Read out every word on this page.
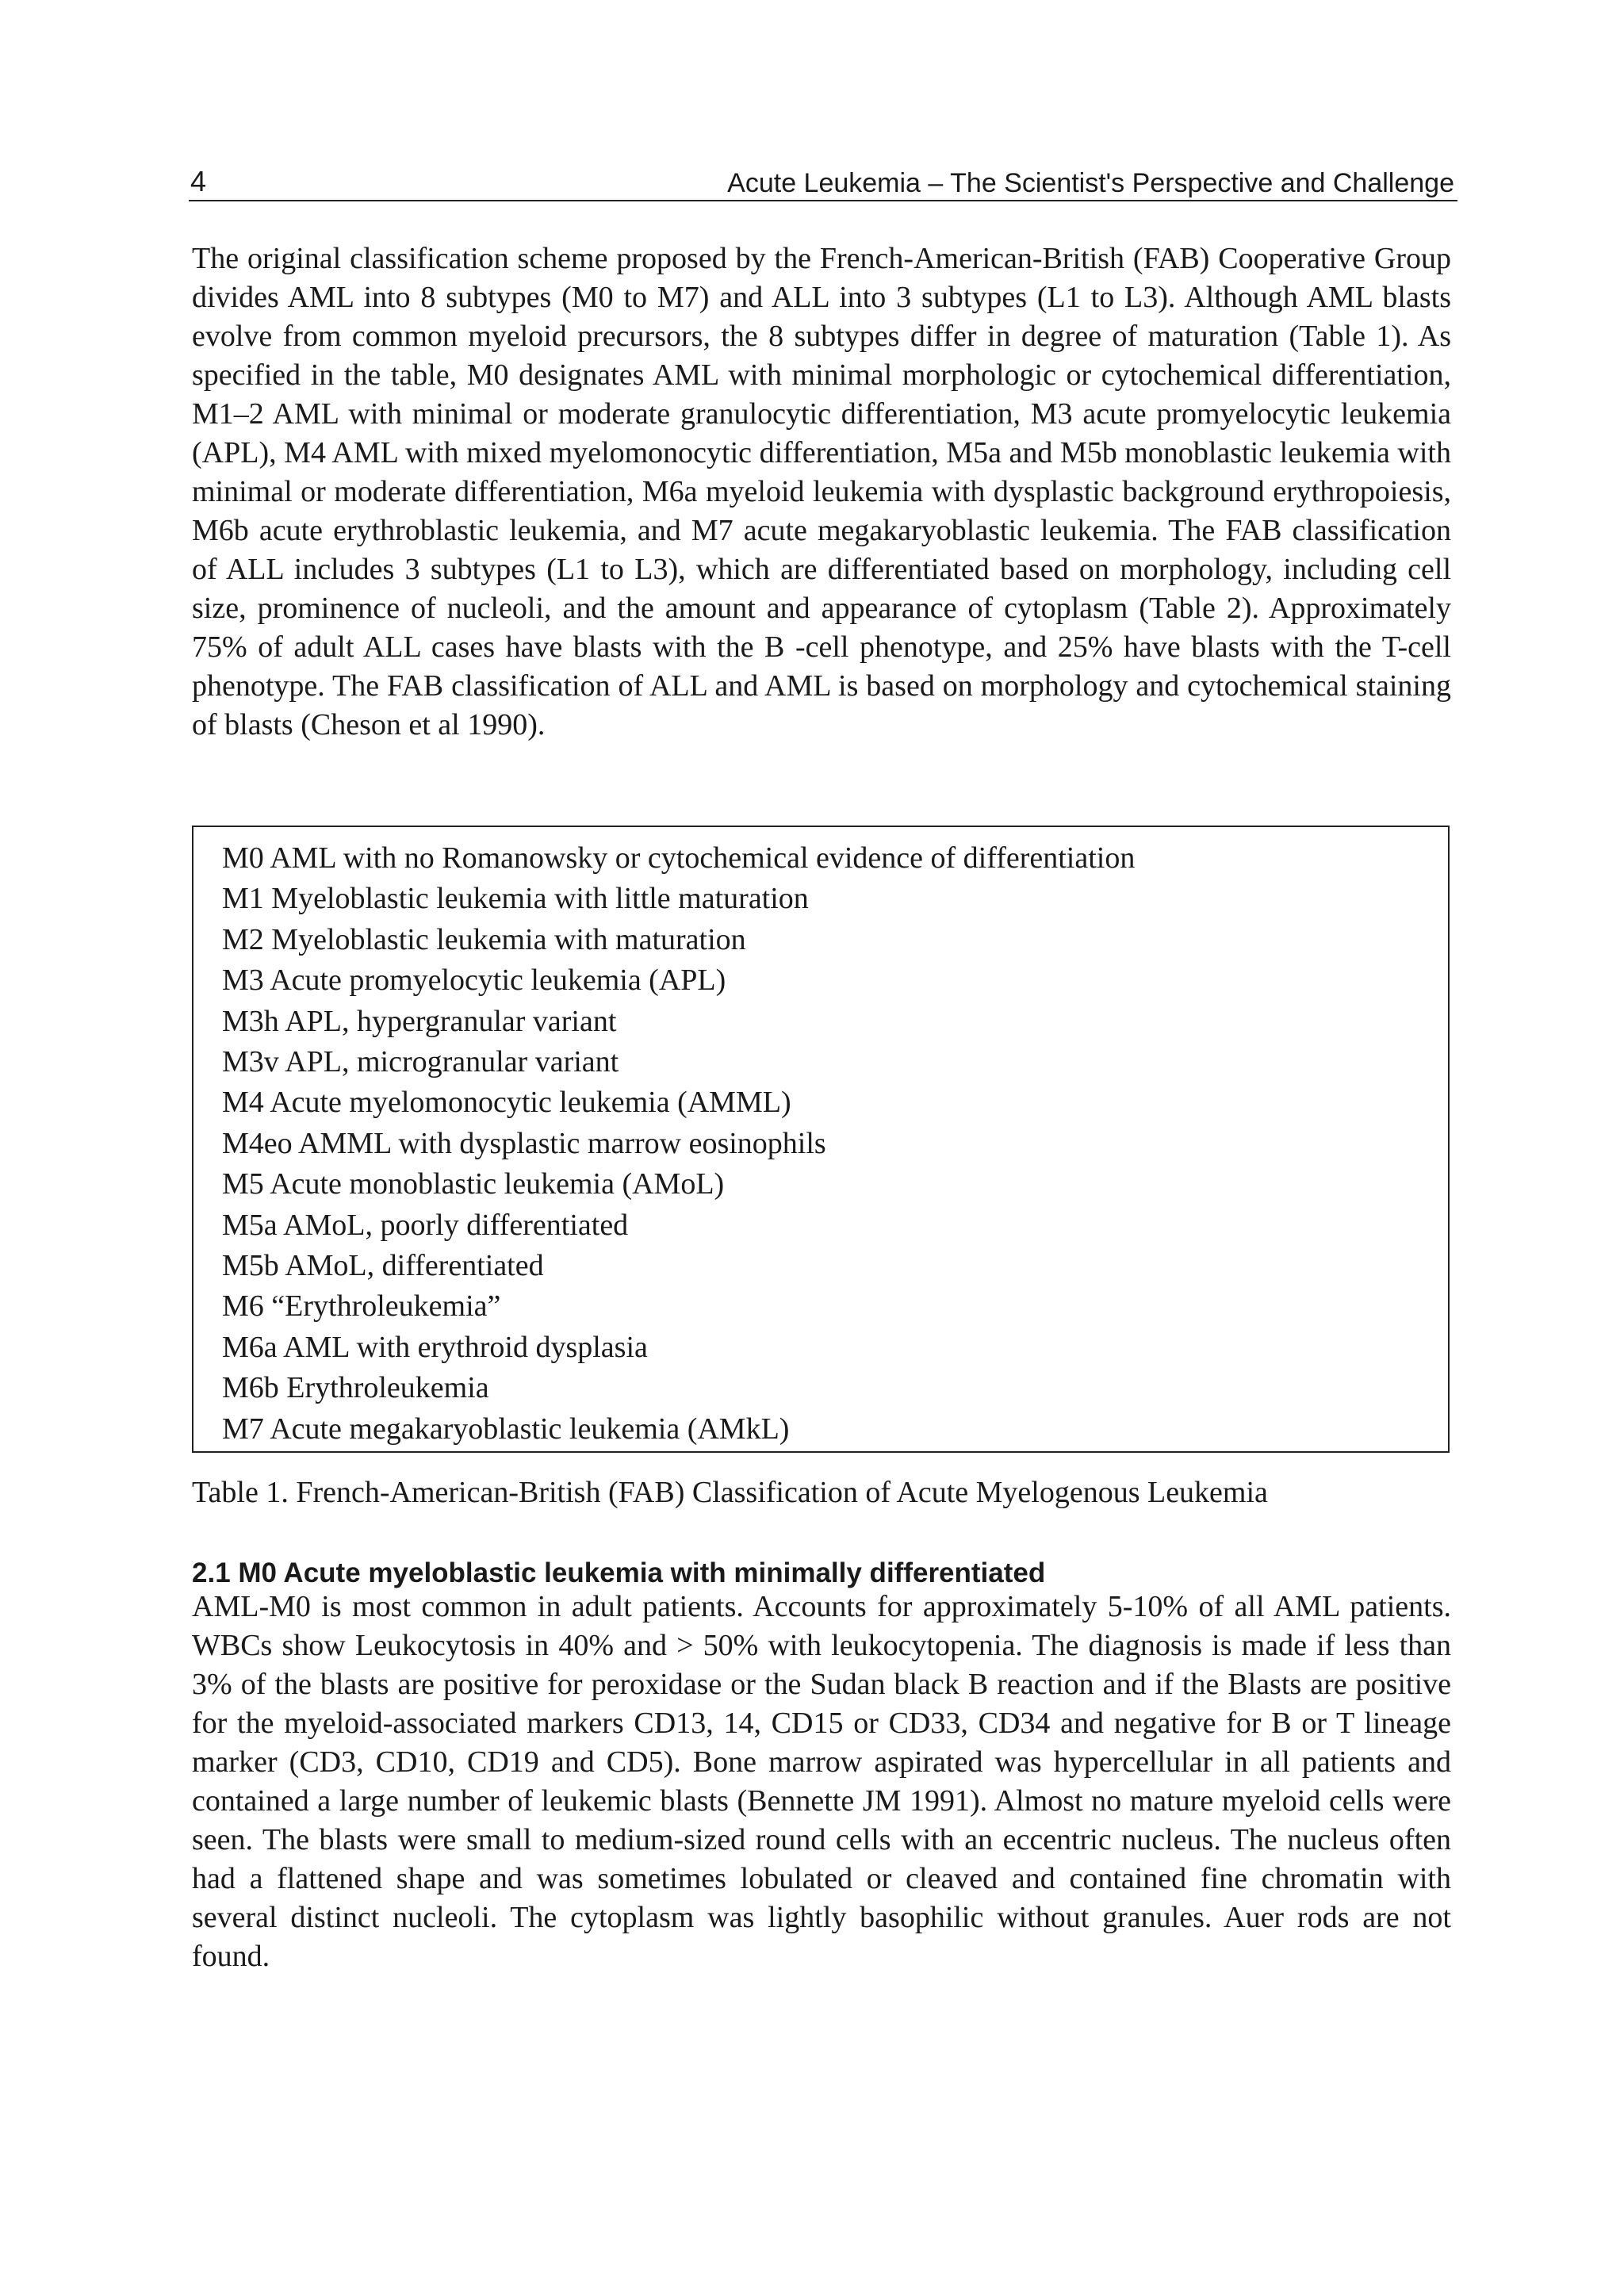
4	Acute Leukemia – The Scientist's Perspective and Challenge

The original classification scheme proposed by the French-American-British (FAB) Cooperative Group divides AML into 8 subtypes (M0 to M7) and ALL into 3 subtypes (L1 to L3). Although AML blasts evolve from common myeloid precursors, the 8 subtypes differ in degree of maturation (Table 1). As specified in the table, M0 designates AML with minimal morphologic or cytochemical differentiation, M1–2 AML with minimal or moderate granulocytic differentiation, M3 acute promyelocytic leukemia (APL), M4 AML with mixed myelomonocytic differentiation, M5a and M5b monoblastic leukemia with minimal or moderate differentiation, M6a myeloid leukemia with dysplastic background erythropoiesis, M6b acute erythroblastic leukemia, and M7 acute megakaryoblastic leukemia. The FAB classification of ALL includes 3 subtypes (L1 to L3), which are differentiated based on morphology, including cell size, prominence of nucleoli, and the amount and appearance of cytoplasm (Table 2). Approximately 75% of adult ALL cases have blasts with the B -cell phenotype, and 25% have blasts with the T-cell phenotype. The FAB classification of ALL and AML is based on morphology and cytochemical staining of blasts (Cheson et al 1990).

M0 AML with no Romanowsky or cytochemical evidence of differentiation
M1 Myeloblastic leukemia with little maturation
M2 Myeloblastic leukemia with maturation
M3 Acute promyelocytic leukemia (APL)
M3h APL, hypergranular variant
M3v APL, microgranular variant
M4 Acute myelomonocytic leukemia (AMML)
M4eo AMML with dysplastic marrow eosinophils
M5 Acute monoblastic leukemia (AMoL)
M5a AMoL, poorly differentiated
M5b AMoL, differentiated
M6 “Erythroleukemia”
M6a AML with erythroid dysplasia
M6b Erythroleukemia
M7 Acute megakaryoblastic leukemia (AMkL)
Table 1. French-American-British (FAB) Classification of Acute Myelogenous Leukemia
2.1 M0 Acute myeloblastic leukemia with minimally differentiated

AML-M0 is most common in adult patients. Accounts for approximately 5-10% of all AML patients. WBCs show Leukocytosis in 40% and > 50% with leukocytopenia. The diagnosis is made if less than 3% of the blasts are positive for peroxidase or the Sudan black B reaction and if the Blasts are positive for the myeloid-associated markers CD13, 14, CD15 or CD33, CD34 and negative for B or T lineage marker (CD3, CD10, CD19 and CD5). Bone marrow aspirated was hypercellular in all patients and contained a large number of leukemic blasts (Bennette JM 1991). Almost no mature myeloid cells were seen. The blasts were small to medium-sized round cells with an eccentric nucleus. The nucleus often had a flattened shape and was sometimes lobulated or cleaved and contained fine chromatin with several distinct nucleoli. The cytoplasm was lightly basophilic without granules. Auer rods are not found.
